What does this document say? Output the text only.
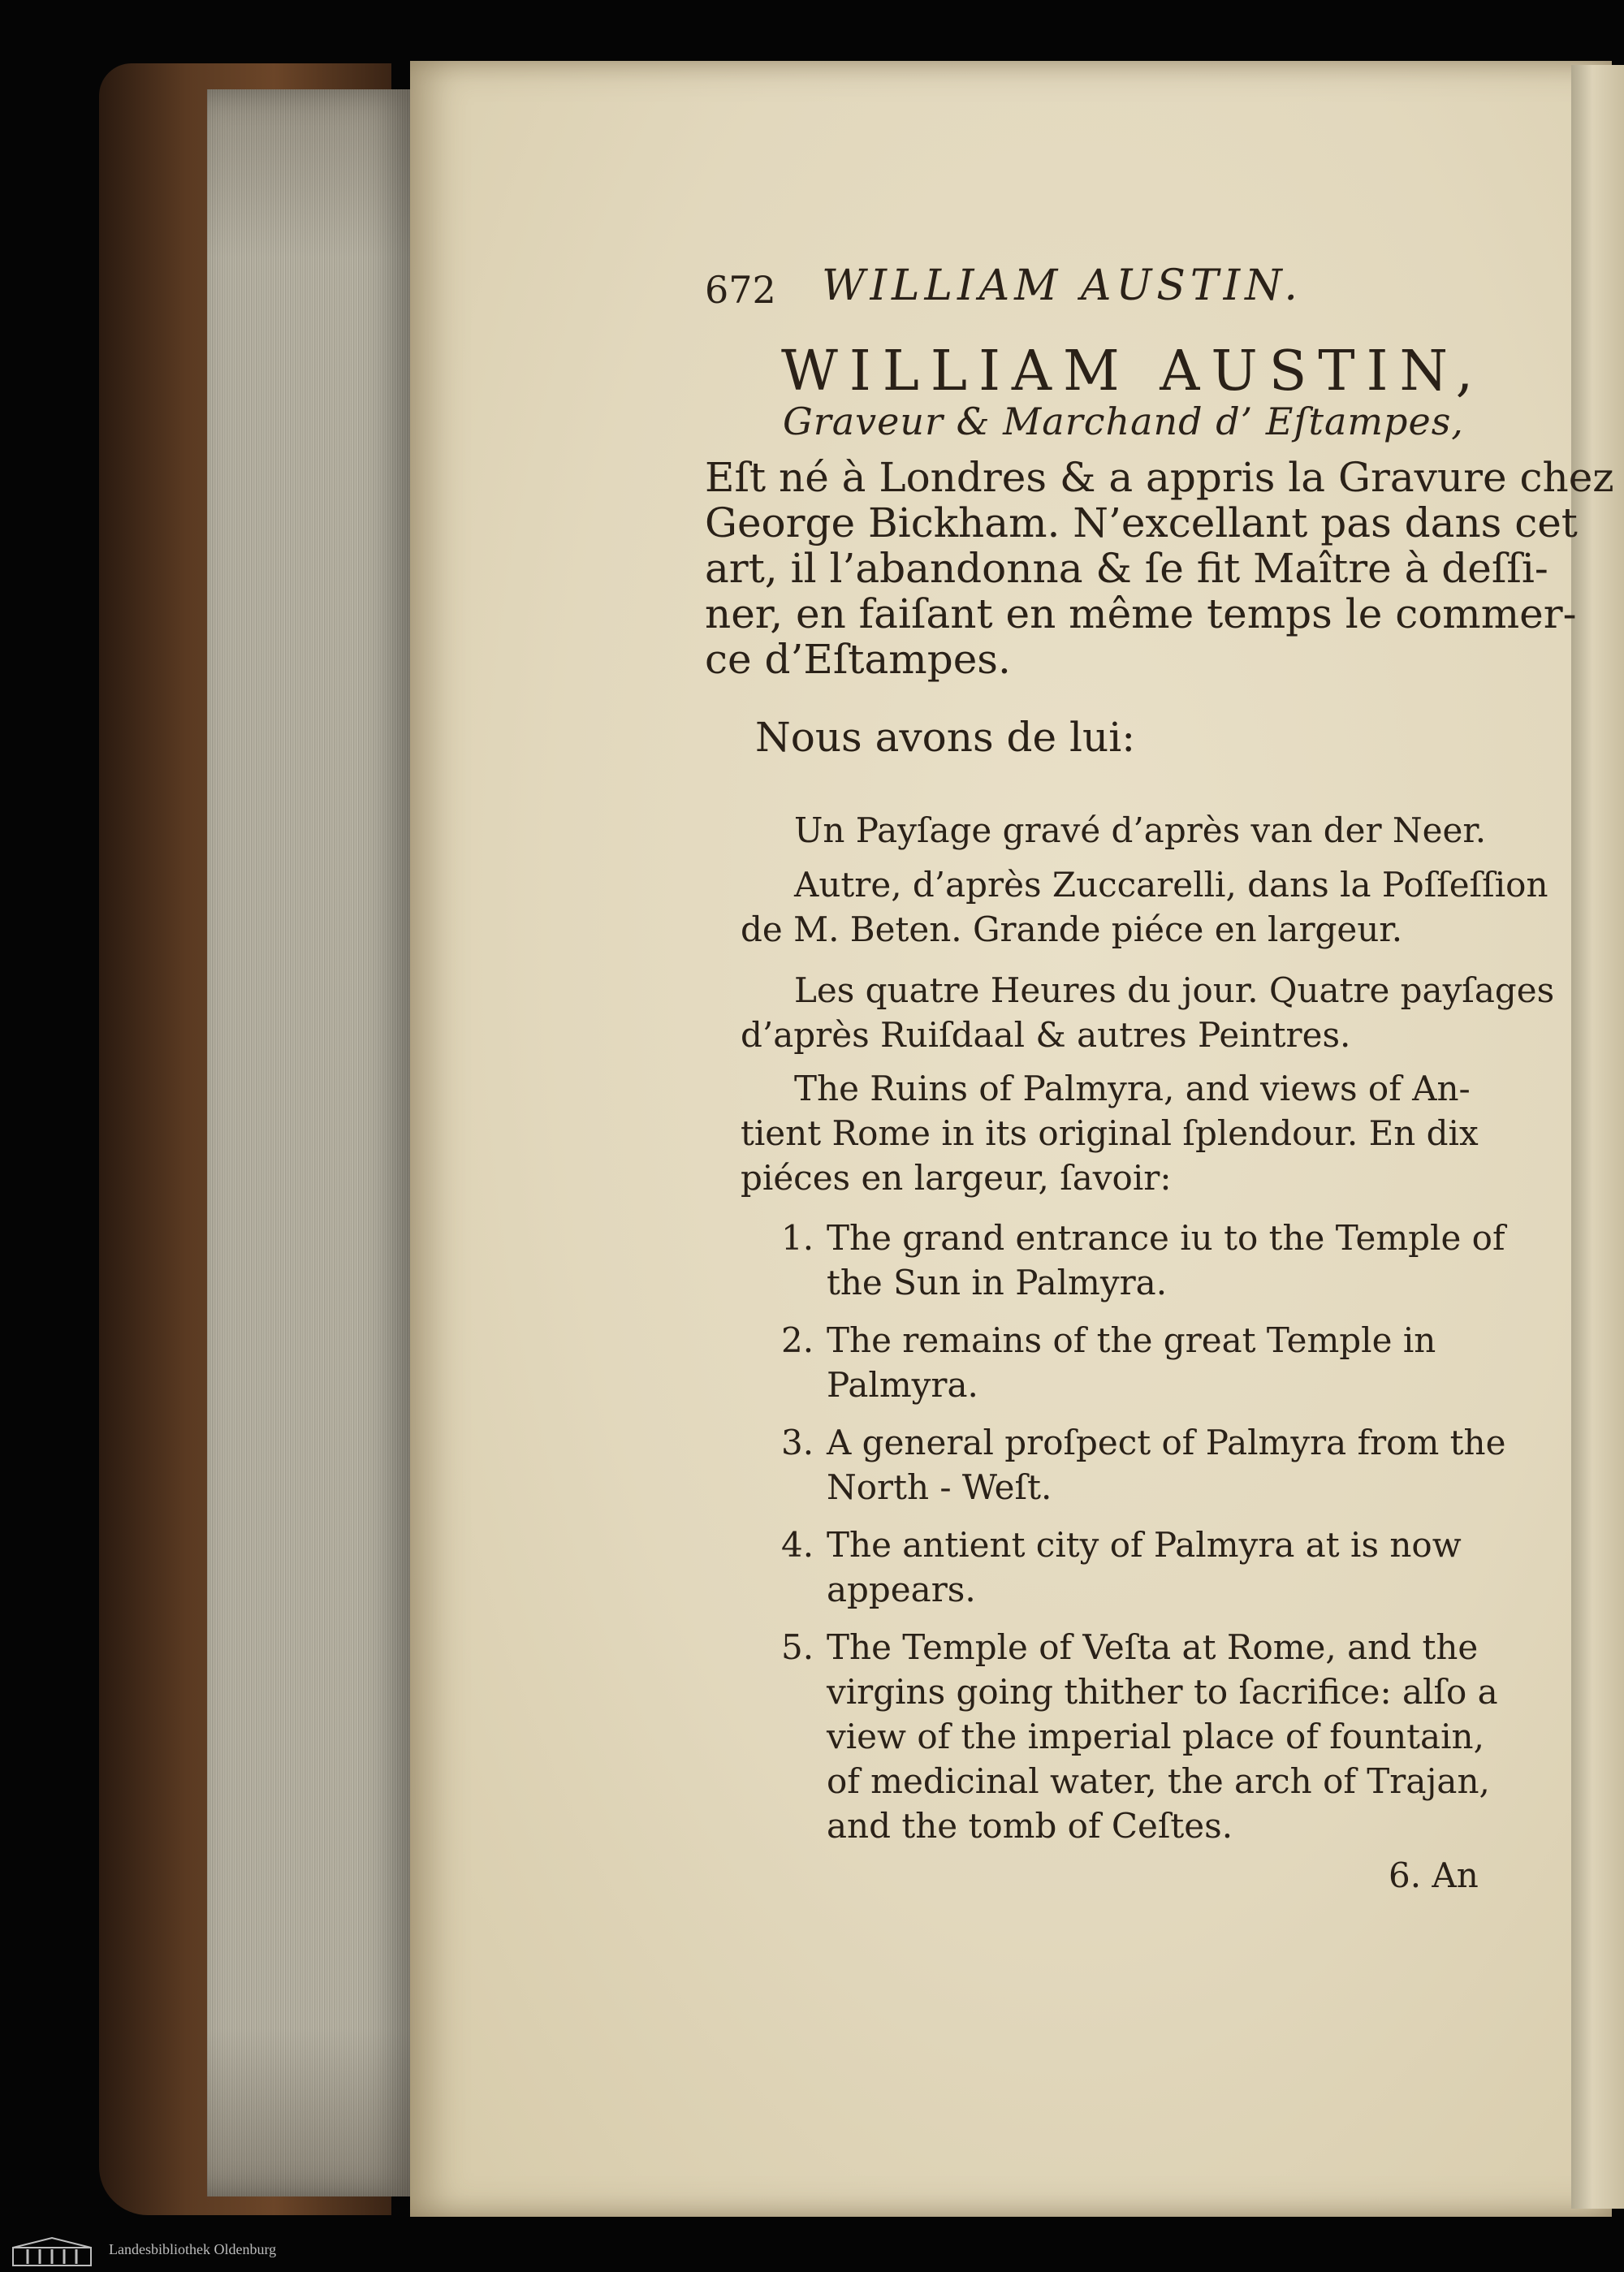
672 WILLIAM AUSTIN.
WILLIAM AUSTIN,
Graveur & Marchand d’ Eſtampes,
Eſt né à Londres & a appris la Gravure chez
George Bickham. N’excellant pas dans cet
art, il l’abandonna & ſe fit Maître à deſſi-
ner, en faiſant en même temps le commer-
ce d’Eſtampes.
Nous avons de lui:
Un Payſage gravé d’après van der Neer.
Autre, d’après Zuccarelli, dans la Poſſeſſion
de M. Beten. Grande piéce en largeur.
Les quatre Heures du jour. Quatre payſages
d’après Ruiſdaal & autres Peintres.
The Ruins of Palmyra, and views of An-
tient Rome in its original ſplendour. En dix
piéces en largeur, ſavoir:
1. The grand entrance iu to the Temple of
the Sun in Palmyra.
2. The remains of the great Temple in
Palmyra.
3. A general proſpect of Palmyra from the
North - Weſt.
4. The antient city of Palmyra at is now
appears.
5. The Temple of Veſta at Rome, and the
virgins going thither to ſacrifice: alſo a
view of the imperial place of fountain,
of medicinal water, the arch of Trajan,
and the tomb of Ceſtes.
6. An
Landesbibliothek Oldenburg
